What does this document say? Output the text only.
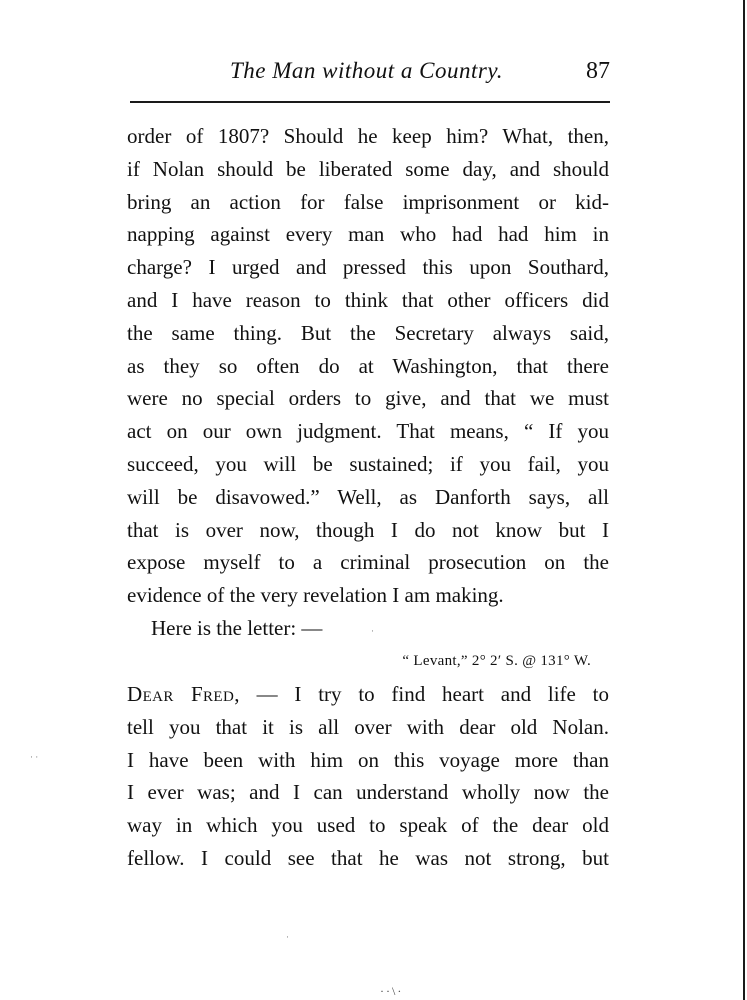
The Man without a Country.	87
order of 1807? Should he keep him? What, then,
if Nolan should be liberated some day, and should
bring an action for false imprisonment or kid-
napping against every man who had had him in
charge? I urged and pressed this upon Southard,
and I have reason to think that other officers did
the same thing. But the Secretary always said,
as they so often do at Washington, that there
were no special orders to give, and that we must
act on our own judgment. That means, “ If you
succeed, you will be sustained; if you fail, you
will be disavowed.” Well, as Danforth says, all
that is over now, though I do not know but I
expose myself to a criminal prosecution on the
evidence of the very revelation I am making.
Here is the letter: —
“ Levant,” 2° 2′ S. @ 131° W.
Dear Fred, — I try to find heart and life to
tell you that it is all over with dear old Nolan.
I have been with him on this voyage more than
I ever was; and I can understand wholly now the
way in which you used to speak of the dear old
fellow. I could see that he was not strong, but
· ·
·
·
··\·
